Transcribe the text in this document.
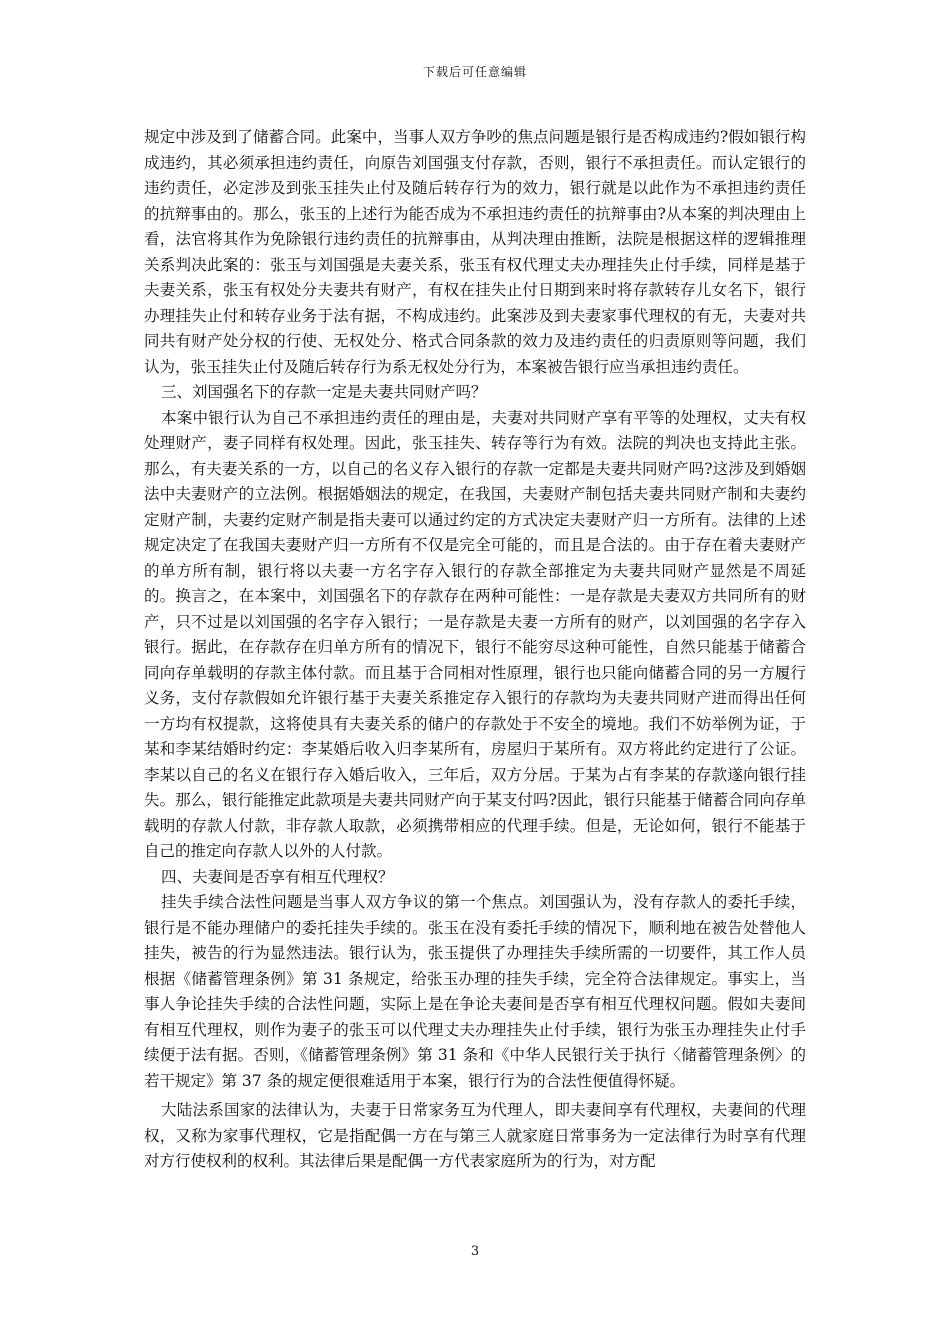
下载后可任意编辑

规定中涉及到了储蓄合同。此案中，当事人双方争吵的焦点问题是银行是否构成违约?假如银行构成违约，其必须承担违约责任，向原告刘国强支付存款，否则，银行不承担责任。而认定银行的违约责任，必定涉及到张玉挂失止付及随后转存行为的效力，银行就是以此作为不承担违约责任的抗辩事由的。那么，张玉的上述行为能否成为不承担违约责任的抗辩事由?从本案的判决理由上看，法官将其作为免除银行违约责任的抗辩事由，从判决理由推断，法院是根据这样的逻辑推理关系判决此案的：张玉与刘国强是夫妻关系，张玉有权代理丈夫办理挂失止付手续，同样是基于夫妻关系，张玉有权处分夫妻共有财产，有权在挂失止付日期到来时将存款转存儿女名下，银行办理挂失止付和转存业务于法有据，不构成违约。此案涉及到夫妻家事代理权的有无，夫妻对共同共有财产处分权的行使、无权处分、格式合同条款的效力及违约责任的归责原则等问题，我们认为，张玉挂失止付及随后转存行为系无权处分行为，本案被告银行应当承担违约责任。

三、刘国强名下的存款一定是夫妻共同财产吗？

本案中银行认为自己不承担违约责任的理由是，夫妻对共同财产享有平等的处理权，丈夫有权处理财产，妻子同样有权处理。因此，张玉挂失、转存等行为有效。法院的判决也支持此主张。那么，有夫妻关系的一方，以自己的名义存入银行的存款一定都是夫妻共同财产吗?这涉及到婚姻法中夫妻财产的立法例。根据婚姻法的规定，在我国，夫妻财产制包括夫妻共同财产制和夫妻约定财产制，夫妻约定财产制是指夫妻可以通过约定的方式决定夫妻财产归一方所有。法律的上述规定决定了在我国夫妻财产归一方所有不仅是完全可能的，而且是合法的。由于存在着夫妻财产的单方所有制，银行将以夫妻一方名字存入银行的存款全部推定为夫妻共同财产显然是不周延的。换言之，在本案中，刘国强名下的存款存在两种可能性：一是存款是夫妻双方共同所有的财产，只不过是以刘国强的名字存入银行；一是存款是夫妻一方所有的财产，以刘国强的名字存入银行。据此，在存款存在归单方所有的情况下，银行不能穷尽这种可能性，自然只能基于储蓄合同向存单载明的存款主体付款。而且基于合同相对性原理，银行也只能向储蓄合同的另一方履行义务，支付存款假如允许银行基于夫妻关系推定存入银行的存款均为夫妻共同财产进而得出任何一方均有权提款，这将使具有夫妻关系的储户的存款处于不安全的境地。我们不妨举例为证，于某和李某结婚时约定：李某婚后收入归李某所有，房屋归于某所有。双方将此约定进行了公证。李某以自己的名义在银行存入婚后收入，三年后，双方分居。于某为占有李某的存款遂向银行挂失。那么，银行能推定此款项是夫妻共同财产向于某支付吗?因此，银行只能基于储蓄合同向存单载明的存款人付款，非存款人取款，必须携带相应的代理手续。但是，无论如何，银行不能基于自己的推定向存款人以外的人付款。

四、夫妻间是否享有相互代理权？

挂失手续合法性问题是当事人双方争议的第一个焦点。刘国强认为，没有存款人的委托手续，银行是不能办理储户的委托挂失手续的。张玉在没有委托手续的情况下，顺利地在被告处替他人挂失，被告的行为显然违法。银行认为，张玉提供了办理挂失手续所需的一切要件，其工作人员根据《储蓄管理条例》第 31 条规定，给张玉办理的挂失手续，完全符合法律规定。事实上，当事人争论挂失手续的合法性问题，实际上是在争论夫妻间是否享有相互代理权问题。假如夫妻间有相互代理权，则作为妻子的张玉可以代理丈夫办理挂失止付手续，银行为张玉办理挂失止付手续便于法有据。否则，《储蓄管理条例》第 31 条和《中华人民银行关于执行〈储蓄管理条例〉的若干规定》第 37 条的规定便很难适用于本案，银行行为的合法性便值得怀疑。

大陆法系国家的法律认为，夫妻于日常家务互为代理人，即夫妻间享有代理权，夫妻间的代理权，又称为家事代理权，它是指配偶一方在与第三人就家庭日常事务为一定法律行为时享有代理对方行使权利的权利。其法律后果是配偶一方代表家庭所为的行为，对方配

3
